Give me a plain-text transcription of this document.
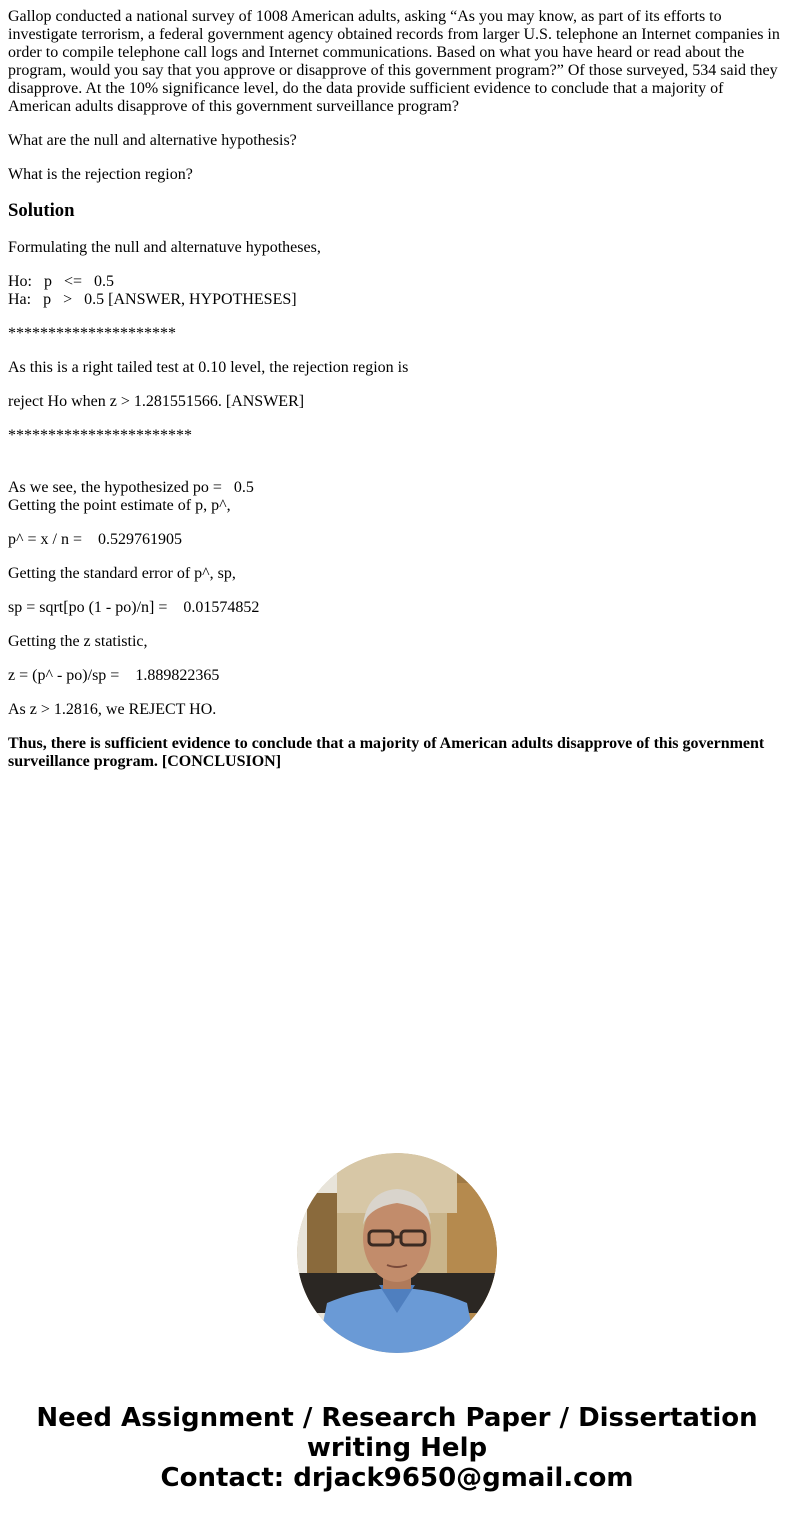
Gallop conducted a national survey of 1008 American adults, asking “As you may know, as part of its efforts to investigate terrorism, a federal government agency obtained records from larger U.S. telephone an Internet companies in order to compile telephone call logs and Internet communications. Based on what you have heard or read about the program, would you say that you approve or disapprove of this government program?” Of those surveyed, 534 said they disapprove. At the 10% significance level, do the data provide sufficient evidence to conclude that a majority of American adults disapprove of this government surveillance program?

What are the null and alternative hypothesis?

What is the rejection region?

Solution

Formulating the null and alternatuve hypotheses,

Ho:   p   <=   0.5

Ha:   p   >   0.5 [ANSWER, HYPOTHESES]

*********************

As this is a right tailed test at 0.10 level, the rejection region is

reject Ho when z > 1.281551566. [ANSWER]

***********************

As we see, the hypothesized po =   0.5

Getting the point estimate of p, p^,

p^ = x / n =    0.529761905

Getting the standard error of p^, sp,

sp = sqrt[po (1 - po)/n] =    0.01574852

Getting the z statistic,

z = (p^ - po)/sp =    1.889822365

As z > 1.2816, we REJECT HO.

Thus, there is sufficient evidence to conclude that a majority of American adults disapprove of this government surveillance program. [CONCLUSION]

Need Assignment / Research Paper / Dissertation

writing Help

Contact: drjack9650@gmail.com
